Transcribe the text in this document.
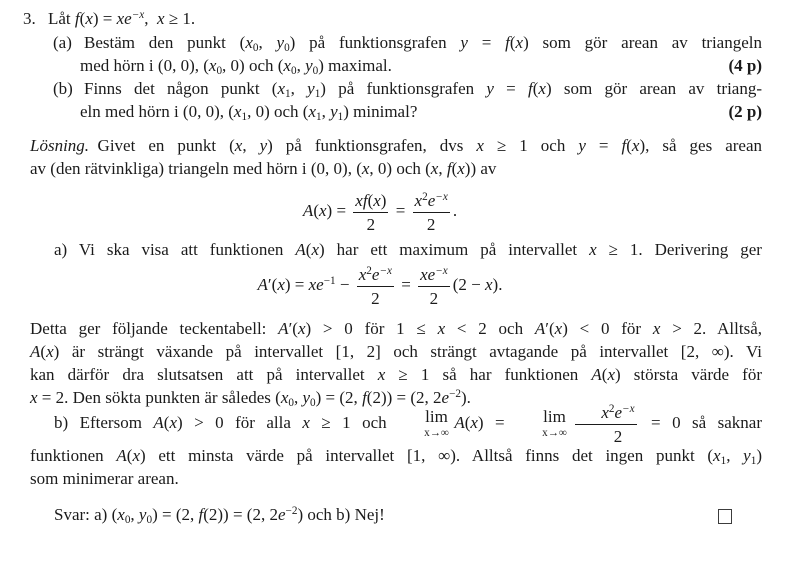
3. Låt $f(x) = xe^{-x}$, x ≥ 1.
(a) Bestäm den punkt (x0, y0) på funktionsgrafen y = f(x) som gör arean av triangeln
(4 p)
med hörn i (0, 0), (x0, 0) och (x0, y0) maximal.
(b) Finns det någon punkt (x1, y1) på funktionsgrafen y = f(x) som gör arean av triang-
(2 p)
eln med hörn i (0, 0), (x1, 0) och (x1, y1) minimal?
Lösning. Givet en punkt (x, y) på funktionsgrafen, dvs x ≥ 1 och y = f(x), så ges arean
av (den rätvinkliga) triangeln med hörn i (0, 0), (x, 0) och (x, f(x)) av
$A(x) = \frac{xf(x)}{2} = \frac{x^2e^{-x}}{2}$ .
a) Vi ska visa att funktionen A(x) har ett maximum på intervallet x ≥ 1. Derivering ger
$A'(x) = xe^{-1} - \frac{x^2e^{-x}}{2} = \frac{xe^{-x}}{2} (2 - x)$.
Detta ger följande teckentabell: A′(x) > 0 för 1 ≤ x < 2 och A′(x) < 0 för x > 2. Alltså,
A(x) är strängt växande på intervallet [1, 2] och strängt avtagande på intervallet [2, ∞). Vi
kan därför dra slutsatsen att på intervallet x ≥ 1 så har funktionen A(x) största värde för
x = 2. Den sökta punkten är således (x0, y0) = (2, f(2)) = (2, $2e^{-2}$).
b) Eftersom A(x) > 0 för alla x ≥ 1 och	lim
x→∞
 A(x) =	lim
x→∞
  $\frac{x^2e^{-x}}{2} = 0$ så saknar
funktionen A(x) ett minsta värde på intervallet [1, ∞). Alltså finns det ingen punkt (x1, y1)
som minimerar arean.
Svar: a) (x0, y0) = (2, f(2)) = (2, $2e^{-2}$) och b) Nej!
